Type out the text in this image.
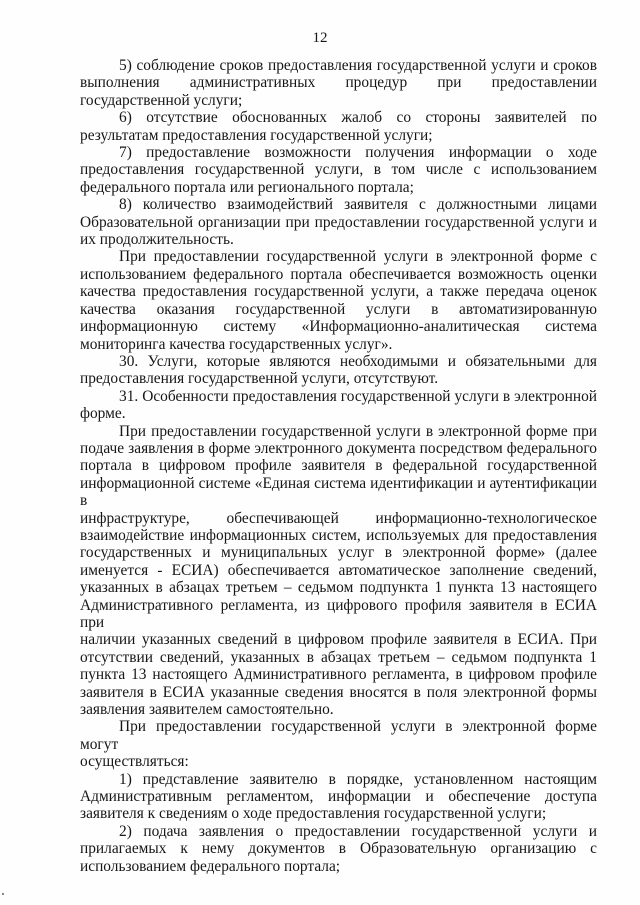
12

5) соблюдение сроков предоставления государственной услуги и сроков
выполнения административных процедур при предоставлении
государственной услуги;

6) отсутствие обоснованных жалоб со стороны заявителей по
результатам предоставления государственной услуги;

7) предоставление возможности получения информации о ходе
предоставления государственной услуги, в том числе с использованием
федерального портала или регионального портала;

8) количество взаимодействий заявителя с должностными лицами
Образовательной организации при предоставлении государственной услуги и
их продолжительность.

При предоставлении государственной услуги в электронной форме с
использованием федерального портала обеспечивается возможность оценки
качества предоставления государственной услуги, а также передача оценок
качества оказания государственной услуги в автоматизированную
информационную систему «Информационно-аналитическая система
мониторинга качества государственных услуг».

30. Услуги, которые являются необходимыми и обязательными для
предоставления государственной услуги, отсутствуют.

31. Особенности предоставления государственной услуги в электронной
форме.

При предоставлении государственной услуги в электронной форме при
подаче заявления в форме электронного документа посредством федерального
портала в цифровом профиле заявителя в федеральной государственной
информационной системе «Единая система идентификации и аутентификации в
инфраструктуре, обеспечивающей информационно-технологическое
взаимодействие информационных систем, используемых для предоставления
государственных и муниципальных услуг в электронной форме» (далее
именуется - ЕСИА) обеспечивается автоматическое заполнение сведений,
указанных в абзацах третьем – седьмом подпункта 1 пункта 13 настоящего
Административного регламента, из цифрового профиля заявителя в ЕСИА при
наличии указанных сведений в цифровом профиле заявителя в ЕСИА. При
отсутствии сведений, указанных в абзацах третьем – седьмом подпункта 1
пункта 13 настоящего Административного регламента, в цифровом профиле
заявителя в ЕСИА указанные сведения вносятся в поля электронной формы
заявления заявителем самостоятельно.

При предоставлении государственной услуги в электронной форме могут
осуществляться:

1) представление заявителю в порядке, установленном настоящим
Административным регламентом, информации и обеспечение доступа
заявителя к сведениям о ходе предоставления государственной услуги;

2) подача заявления о предоставлении государственной услуги и
прилагаемых к нему документов в Образовательную организацию с
использованием федерального портала;
